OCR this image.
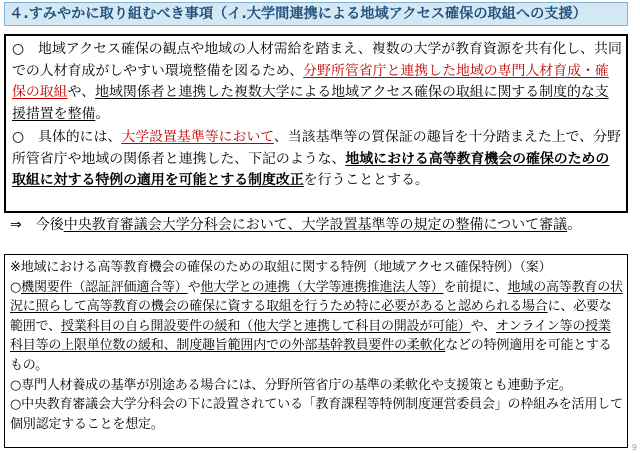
４.すみやかに取り組むべき事項（イ.大学間連携による地域アクセス確保の取組への支援）

○　地域アクセス確保の観点や地域の人材需給を踏まえ、複数の大学が教育資源を共有化し、共同での人材育成がしやすい環境整備を図るため、分野所管省庁と連携した地域の専門人材育成・確保の取組や、地域関係者と連携した複数大学による地域アクセス確保の取組に関する制度的な支援措置を整備。

○　具体的には、大学設置基準等において、当該基準等の質保証の趣旨を十分踏まえた上で、分野所管省庁や地域の関係者と連携した、下記のような、地域における高等教育機会の確保のための取組に対する特例の適用を可能とする制度改正を行うこととする。

⇒　今後中央教育審議会大学分科会において、大学設置基準等の規定の整備について審議。

※地域における高等教育機会の確保のための取組に関する特例（地域アクセス確保特例）（案）

○機関要件（認証評価適合等）や他大学との連携（大学等連携推進法人等）を前提に、地域の高等教育の状況に照らして高等教育の機会の確保に資する取組を行うため特に必要があると認められる場合に、必要な範囲で、授業科目の自ら開設要件の緩和（他大学と連携して科目の開設が可能）や、オンライン等の授業科目等の上限単位数の緩和、制度趣旨範囲内での外部基幹教員要件の柔軟化などの特例適用を可能とするもの。

○専門人材養成の基準が別途ある場合には、分野所管省庁の基準の柔軟化や支援策とも連動予定。

○中央教育審議会大学分科会の下に設置されている「教育課程等特例制度運営委員会」の枠組みを活用して個別認定することを想定。

9
